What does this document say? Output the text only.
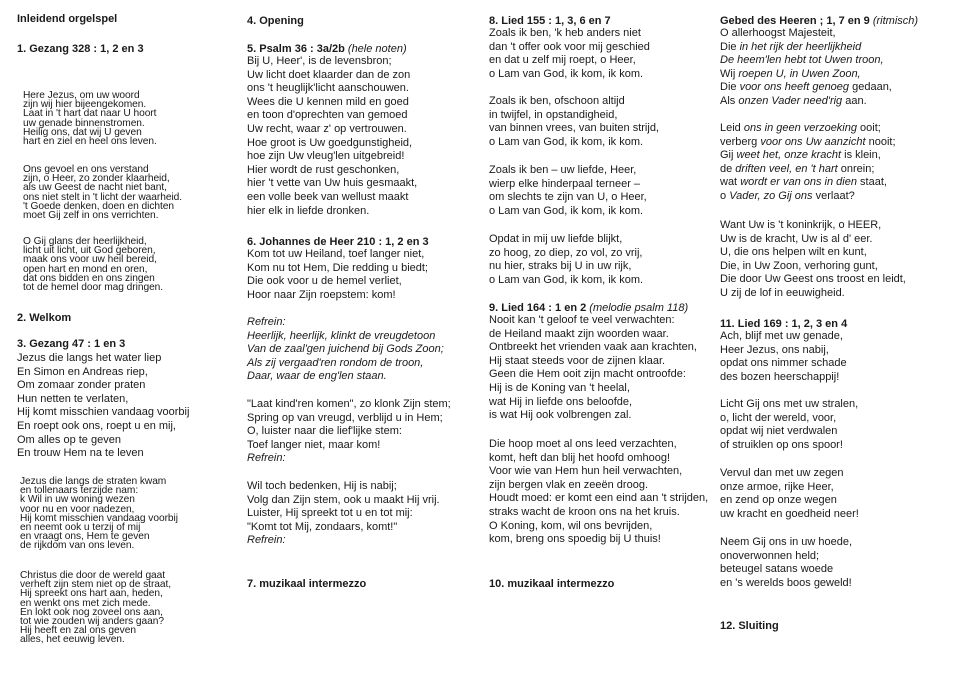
Inleidend orgelspel
1. Gezang 328 : 1, 2 en 3
Here Jezus, om uw woord
zijn wij hier bijeengekomen.
Laat in 't hart dat naar U hoort
uw genade binnenstromen.
Heilig ons, dat wij U geven
hart en ziel en heel ons leven.
Ons gevoel en ons verstand
zijn, o Heer, zo zonder klaarheid,
als uw Geest de nacht niet bant,
ons niet stelt in 't licht der waarheid.
't Goede denken, doen en dichten
moet Gij zelf in ons verrichten.
O Gij glans der heerlijkheid,
licht uit licht, uit God geboren,
maak ons voor uw heil bereid,
open hart en mond en oren,
dat ons bidden en ons zingen
tot de hemel door mag dringen.
2. Welkom
3. Gezang 47 : 1 en 3
Jezus die langs het water liep
En Simon en Andreas riep,
Om zomaar zonder praten
Hun netten te verlaten,
Hij komt misschien vandaag voorbij
En roept ook ons, roept u en mij,
Om alles op te geven
En trouw Hem na te leven
Jezus die langs de straten kwam
en tollenaars terzijde nam:
k Wil in uw woning wezen
voor nu en voor nadezen,
Hij komt misschien vandaag voorbij
en neemt ook u terzij of mij
en vraagt ons, Hem te geven
de rijkdom van ons leven.
Christus die door de wereld gaat
verheft zijn stem niet op de straat,
Hij spreekt ons hart aan, heden,
en wenkt ons met zich mede.
En lokt ook nog zoveel ons aan,
tot wie zouden wij anders gaan?
Hij heeft en zal ons geven
alles, het eeuwig leven.
4. Opening
5. Psalm 36 : 3a/2b (hele noten)
Bij U, Heer', is de levensbron;
Uw licht doet klaarder dan de zon
ons 't heuglijk'licht aanschouwen.
Wees die U kennen mild en goed
en toon d'oprechten van gemoed
Uw recht, waar z' op vertrouwen.
Hoe groot is Uw goedgunstigheid,
hoe zijn Uw vleug'len uitgebreid!
Hier wordt de rust geschonken,
hier 't vette van Uw huis gesmaakt,
een volle beek van wellust maakt
hier elk in liefde dronken.
6. Johannes de Heer 210 : 1, 2 en 3
Kom tot uw Heiland, toef langer niet,
Kom nu tot Hem, Die redding u biedt;
Die ook voor u de hemel verliet,
Hoor naar Zijn roepstem: kom!
Refrein:
Heerlijk, heerlijk, klinkt de vreugdetoon
Van de zaal'gen juichend bij Gods Zoon;
Als zij vergaad'ren rondom de troon,
Daar, waar de eng'len staan.
"Laat kind'ren komen", zo klonk Zijn stem;
Spring op van vreugd, verblijd u in Hem;
O, luister naar die lief'lijke stem:
Toef langer niet, maar kom!
Refrein:
Wil toch bedenken, Hij is nabij;
Volg dan Zijn stem, ook u maakt Hij vrij.
Luister, Hij spreekt tot u en tot mij:
"Komt tot Mij, zondaars, komt!"
Refrein:
7. muzikaal intermezzo
8. Lied 155 : 1, 3, 6 en 7
Zoals ik ben, 'k heb anders niet
dan 't offer ook voor mij geschied
en dat u zelf mij roept, o Heer,
o Lam van God, ik kom, ik kom.
Zoals ik ben, ofschoon altijd
in twijfel, in opstandigheid,
van binnen vrees, van buiten strijd,
o Lam van God, ik kom, ik kom.
Zoals ik ben – uw liefde, Heer,
wierp elke hinderpaal terneer –
om slechts te zijn van U, o Heer,
o Lam van God, ik kom, ik kom.
Opdat in mij uw liefde blijkt,
zo hoog, zo diep, zo vol, zo vrij,
nu hier, straks bij U in uw rijk,
o Lam van God, ik kom, ik kom.
9. Lied 164 : 1 en 2 (melodie psalm 118)
Nooit kan 't geloof te veel verwachten:
de Heiland maakt zijn woorden waar.
Ontbreekt het vrienden vaak aan krachten,
Hij staat steeds voor de zijnen klaar.
Geen die Hem ooit zijn macht ontroofde:
Hij is de Koning van 't heelal,
wat Hij in liefde ons beloofde,
is wat Hij ook volbrengen zal.
Die hoop moet al ons leed verzachten,
komt, heft dan blij het hoofd omhoog!
Voor wie van Hem hun heil verwachten,
zijn bergen vlak en zeeën droog.
Houdt moed: er komt een eind aan 't strijden,
straks wacht de kroon ons na het kruis.
O Koning, kom, wil ons bevrijden,
kom, breng ons spoedig bij U thuis!
10. muzikaal intermezzo
Gebed des Heeren ; 1, 7 en 9 (ritmisch)
O allerhoogst Majesteit,
Die in het rijk der heerlijkheid
De heem'len hebt tot Uwen troon,
Wij roepen U, in Uwen Zoon,
Die voor ons heeft genoeg gedaan,
Als onzen Vader need'rig aan.
Leid ons in geen verzoeking ooit;
verberg voor ons Uw aanzicht nooit;
Gij weet het, onze kracht is klein,
de driften veel, en 't hart onrein;
wat wordt er van ons in dien staat,
o Vader, zo Gij ons verlaat?
Want Uw is 't koninkrijk, o HEER,
Uw is de kracht, Uw is al d' eer.
U, die ons helpen wilt en kunt,
Die, in Uw Zoon, verhoring gunt,
Die door Uw Geest ons troost en leidt,
U zij de lof in eeuwigheid.
11. Lied 169 : 1, 2, 3 en 4
Ach, blijf met uw genade,
Heer Jezus, ons nabij,
opdat ons nimmer schade
des bozen heerschappij!
Licht Gij ons met uw stralen,
o, licht der wereld, voor,
opdat wij niet verdwalen
of struiklen op ons spoor!
Vervul dan met uw zegen
onze armoe, rijke Heer,
en zend op onze wegen
uw kracht en goedheid neer!
Neem Gij ons in uw hoede,
onoverwonnen held;
beteugel satans woede
en 's werelds boos geweld!
12. Sluiting
